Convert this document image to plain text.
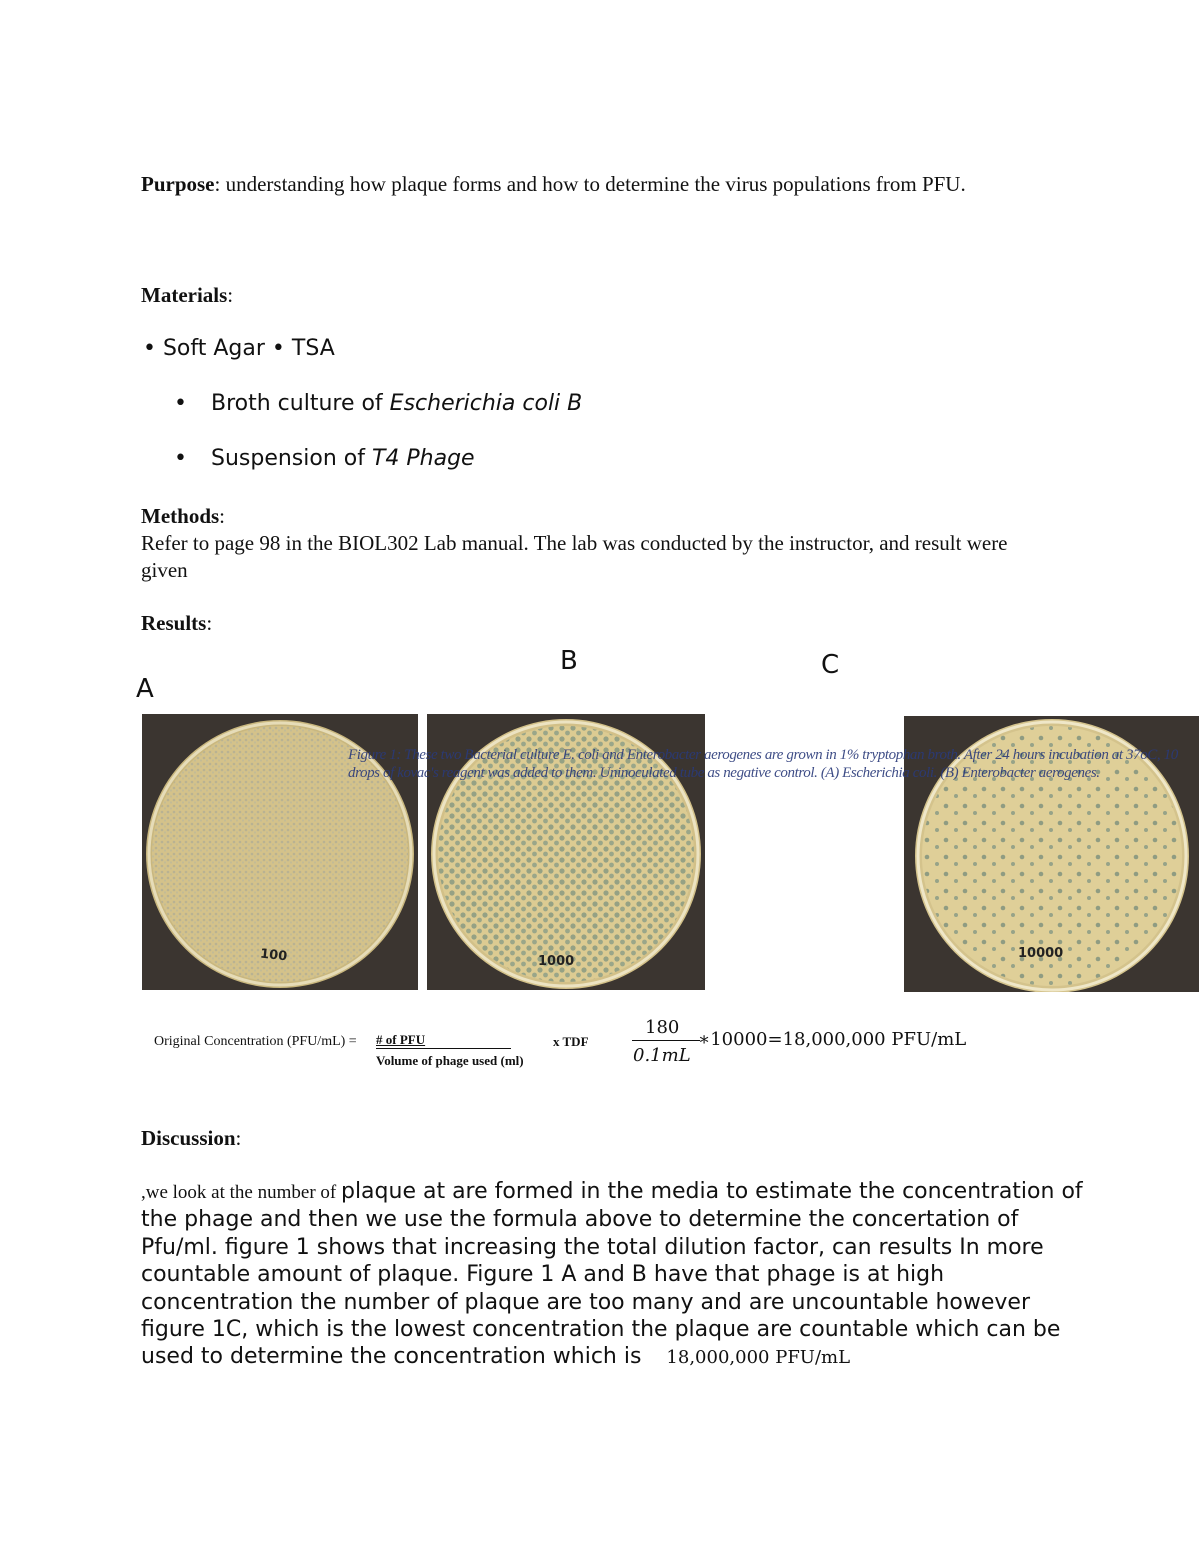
Purpose: understanding how plaque forms and how to determine the virus populations from PFU.
Materials:
• Soft Agar • TSA
• Broth culture of Escherichia coli B
• Suspension of T4 Phage
Methods:
Refer to page 98 in the BIOL302 Lab manual. The lab was conducted by the instructor, and result were given
Results:
B	C
A
100	1000
10000
Figure 1: These two Bacterial culture E. coli and Enterobacter aerogenes are grown in 1% tryptophan broth. After 24 hours incubation at 37oC, 10 drops of kovac's reagent was added to them. Uninoculated tube as negative control. (A) Escherichia coli. (B) Enterobacter aerogenes.
Original Concentration (PFU/mL) = # of PFU
Volume of phage used (ml)
x TDF
180
0.1mL
∗10000=18,000,000 PFU/mL
Discussion:
,we look at the number of plaque at are formed in the media to estimate the concentration of the phage and then we use the formula above to determine the concertation of Pfu/ml. figure 1 shows that increasing the total dilution factor, can results In more countable amount of plaque. Figure 1 A and B have that phage is at high concentration the number of plaque are too many and are uncountable however figure 1C, which is the lowest concentration the plaque are countable which can be used to determine the concentration which is 18,000,000 PFU/mL
